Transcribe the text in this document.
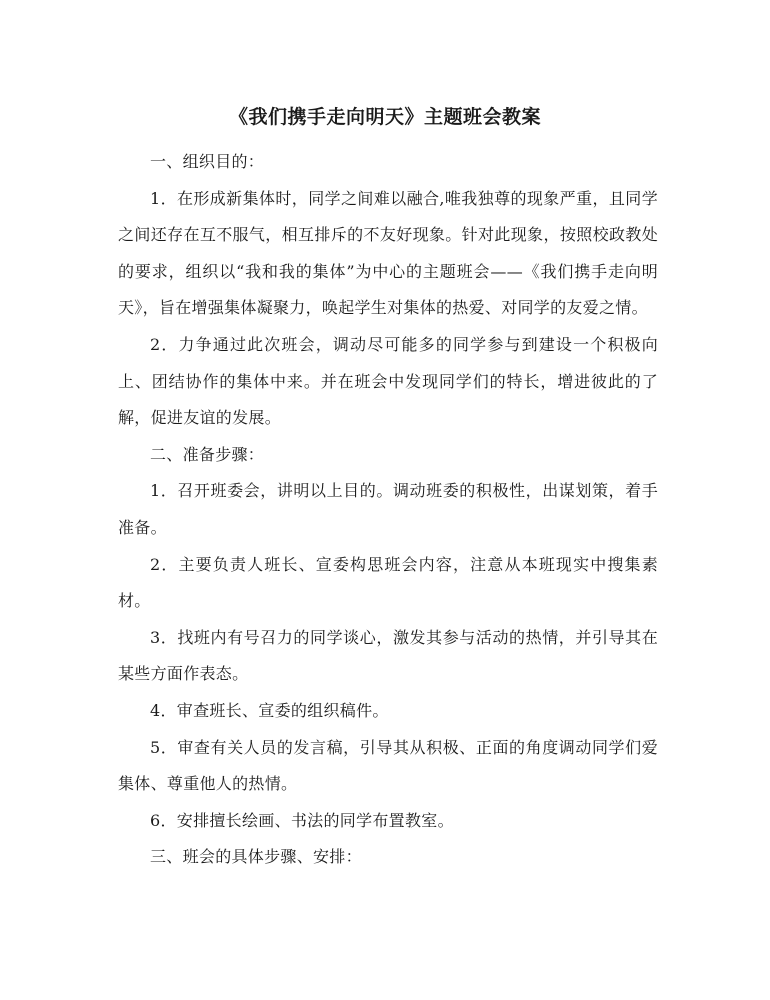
《我们携手走向明天》主题班会教案

一、组织目的：

1．在形成新集体时，同学之间难以融合,唯我独尊的现象严重，且同学之间还存在互不服气，相互排斥的不友好现象。针对此现象，按照校政教处的要求，组织以“我和我的集体”为中心的主题班会——《我们携手走向明天》，旨在增强集体凝聚力，唤起学生对集体的热爱、对同学的友爱之情。

2．力争通过此次班会，调动尽可能多的同学参与到建设一个积极向上、团结协作的集体中来。并在班会中发现同学们的特长，增进彼此的了解，促进友谊的发展。

二、准备步骤：

1．召开班委会，讲明以上目的。调动班委的积极性，出谋划策，着手准备。

2．主要负责人班长、宣委构思班会内容，注意从本班现实中搜集素材。

3．找班内有号召力的同学谈心，激发其参与活动的热情，并引导其在某些方面作表态。

4．审查班长、宣委的组织稿件。

5．审查有关人员的发言稿，引导其从积极、正面的角度调动同学们爱集体、尊重他人的热情。

6．安排擅长绘画、书法的同学布置教室。

三、班会的具体步骤、安排：
